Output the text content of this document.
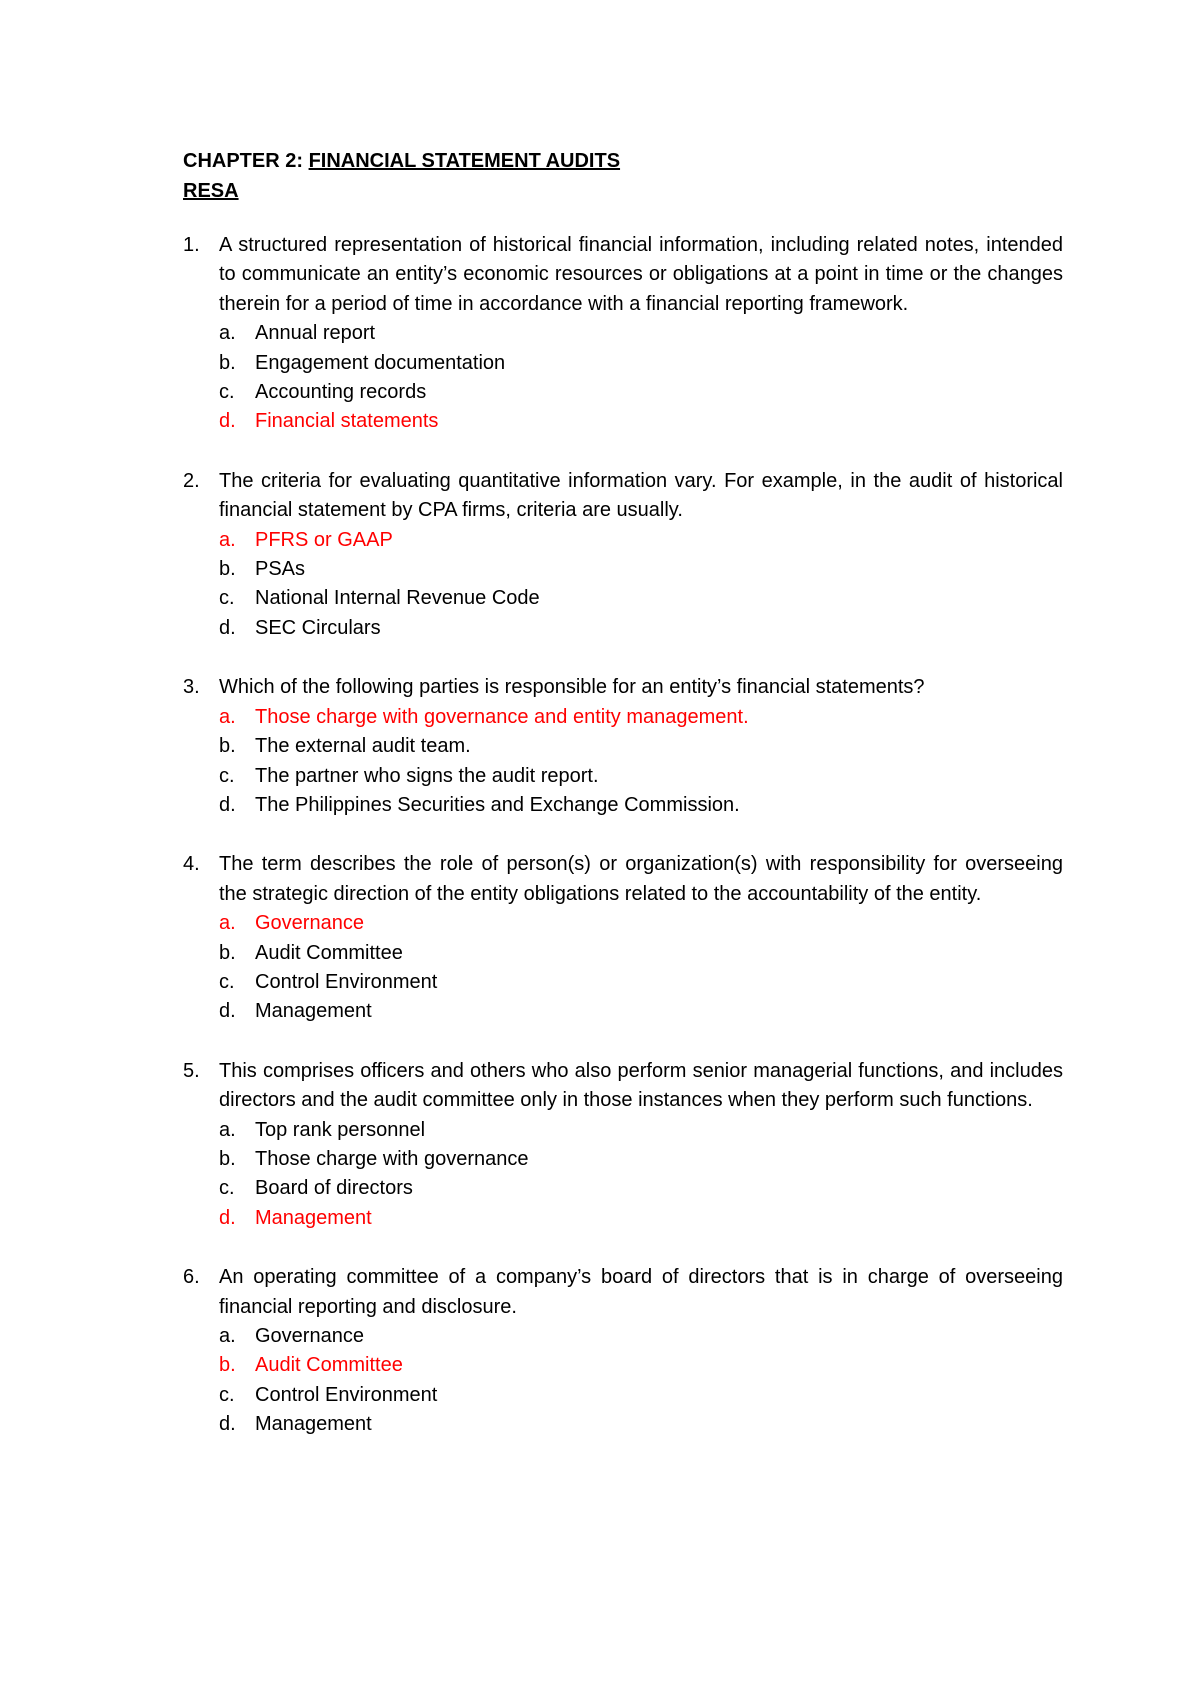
CHAPTER 2: FINANCIAL STATEMENT AUDITS
RESA
1. A structured representation of historical financial information, including related notes, intended to communicate an entity’s economic resources or obligations at a point in time or the changes therein for a period of time in accordance with a financial reporting framework.
a. Annual report
b. Engagement documentation
c.	Accounting records
d. Financial statements
2. The criteria for evaluating quantitative information vary. For example, in the audit of historical financial statement by CPA firms, criteria are usually.
a. PFRS or GAAP
b. PSAs
c.	National Internal Revenue Code
d. SEC Circulars
3. Which of the following parties is responsible for an entity’s financial statements?
a. Those charge with governance and entity management.
b. The external audit team.
c.	The partner who signs the audit report.
d. The Philippines Securities and Exchange Commission.
4. The term describes the role of person(s) or organization(s) with responsibility for overseeing the strategic direction of the entity obligations related to the accountability of the entity.
a. Governance
b. Audit Committee
c.	Control Environment
d. Management
5. This comprises officers and others who also perform senior managerial functions, and includes directors and the audit committee only in those instances when they perform such functions.
a. Top rank personnel
b. Those charge with governance
c.	Board of directors
d. Management
6. An operating committee of a company’s board of directors that is in charge of overseeing financial reporting and disclosure.
a. Governance
b. Audit Committee
c.	Control Environment
d. Management
